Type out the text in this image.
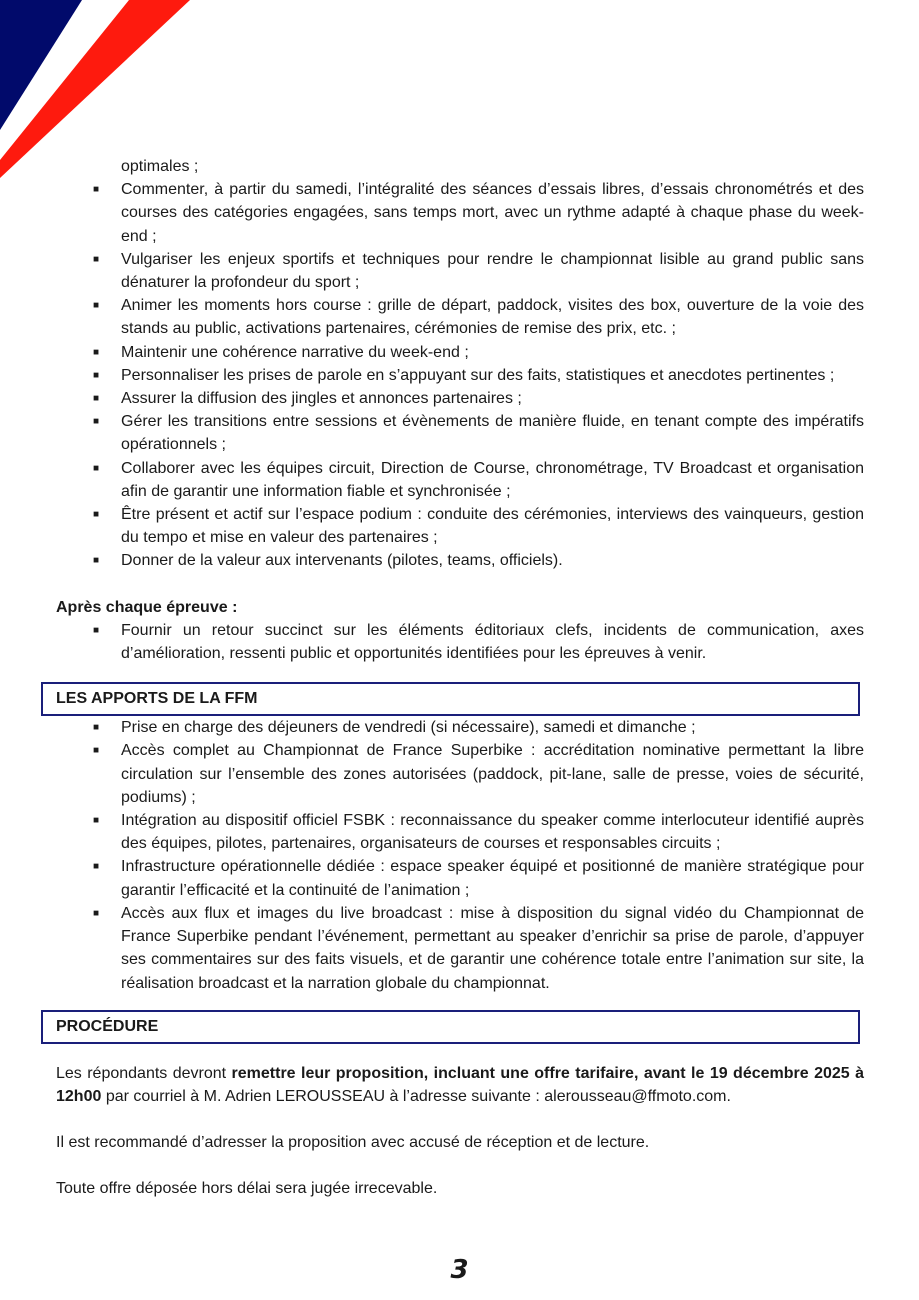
optimales ;
■ Commenter, à partir du samedi, l’intégralité des séances d’essais libres, d’essais chronométrés et des courses des catégories engagées, sans temps mort, avec un rythme adapté à chaque phase du week-end ;
■ Vulgariser les enjeux sportifs et techniques pour rendre le championnat lisible au grand public sans dénaturer la profondeur du sport ;
■ Animer les moments hors course : grille de départ, paddock, visites des box, ouverture de la voie des stands au public, activations partenaires, cérémonies de remise des prix, etc. ;
■ Maintenir une cohérence narrative du week-end ;
■ Personnaliser les prises de parole en s’appuyant sur des faits, statistiques et anecdotes pertinentes ;
■ Assurer la diffusion des jingles et annonces partenaires ;
■ Gérer les transitions entre sessions et évènements de manière fluide, en tenant compte des impératifs opérationnels ;
■ Collaborer avec les équipes circuit, Direction de Course, chronométrage, TV Broadcast et organisation afin de garantir une information fiable et synchronisée ;
■ Être présent et actif sur l’espace podium : conduite des cérémonies, interviews des vainqueurs, gestion du tempo et mise en valeur des partenaires ;
■ Donner de la valeur aux intervenants (pilotes, teams, officiels).
Après chaque épreuve :
■ Fournir un retour succinct sur les éléments éditoriaux clefs, incidents de communication, axes d’amélioration, ressenti public et opportunités identifiées pour les épreuves à venir.
LES APPORTS DE LA FFM
■ Prise en charge des déjeuners de vendredi (si nécessaire), samedi et dimanche ;
■ Accès complet au Championnat de France Superbike : accréditation nominative permettant la libre circulation sur l’ensemble des zones autorisées (paddock, pit-lane, salle de presse, voies de sécurité, podiums) ;
■ Intégration au dispositif officiel FSBK : reconnaissance du speaker comme interlocuteur identifié auprès des équipes, pilotes, partenaires, organisateurs de courses et responsables circuits ;
■ Infrastructure opérationnelle dédiée : espace speaker équipé et positionné de manière stratégique pour garantir l’efficacité et la continuité de l’animation ;
■ Accès aux flux et images du live broadcast : mise à disposition du signal vidéo du Championnat de France Superbike pendant l’événement, permettant au speaker d’enrichir sa prise de parole, d’appuyer ses commentaires sur des faits visuels, et de garantir une cohérence totale entre l’animation sur site, la réalisation broadcast et la narration globale du championnat.
PROCÉDURE
Les répondants devront remettre leur proposition, incluant une offre tarifaire, avant le 19 décembre 2025 à 12h00 par courriel à M. Adrien LEROUSSEAU à l’adresse suivante : alerousseau@ffmoto.com.
Il est recommandé d’adresser la proposition avec accusé de réception et de lecture.
Toute offre déposée hors délai sera jugée irrecevable.
3
